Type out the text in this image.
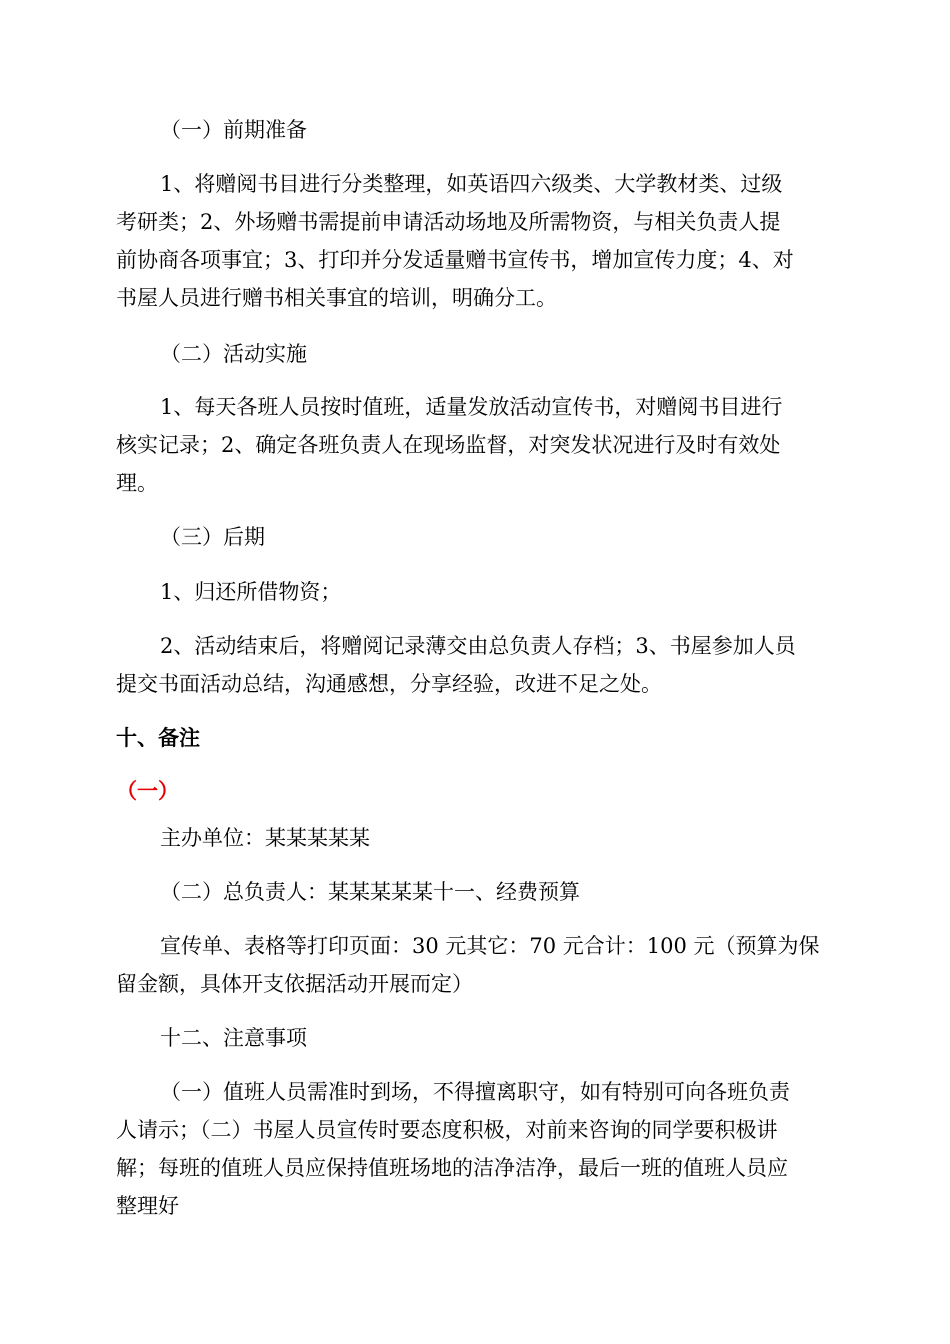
（一）前期准备
1、将赠阅书目进行分类整理，如英语四六级类、大学教材类、过级
考研类；2、外场赠书需提前申请活动场地及所需物资，与相关负责人提
前协商各项事宜；3、打印并分发适量赠书宣传书，增加宣传力度；4、对
书屋人员进行赠书相关事宜的培训，明确分工。
（二）活动实施
1、每天各班人员按时值班，适量发放活动宣传书，对赠阅书目进行
核实记录；2、确定各班负责人在现场监督，对突发状况进行及时有效处
理。
（三）后期
1、归还所借物资；
2、活动结束后，将赠阅记录薄交由总负责人存档；3、书屋参加人员
提交书面活动总结，沟通感想，分享经验，改进不足之处。
十、备注
（一）
主办单位：某某某某某
（二）总负责人：某某某某某十一、经费预算
宣传单、表格等打印页面：30 元其它：70 元合计：100 元（预算为保
留金额，具体开支依据活动开展而定）
十二、注意事项
（一）值班人员需准时到场，不得擅离职守，如有特别可向各班负责
人请示；（二）书屋人员宣传时要态度积极，对前来咨询的同学要积极讲
解；每班的值班人员应保持值班场地的洁净洁净，最后一班的值班人员应
整理好
